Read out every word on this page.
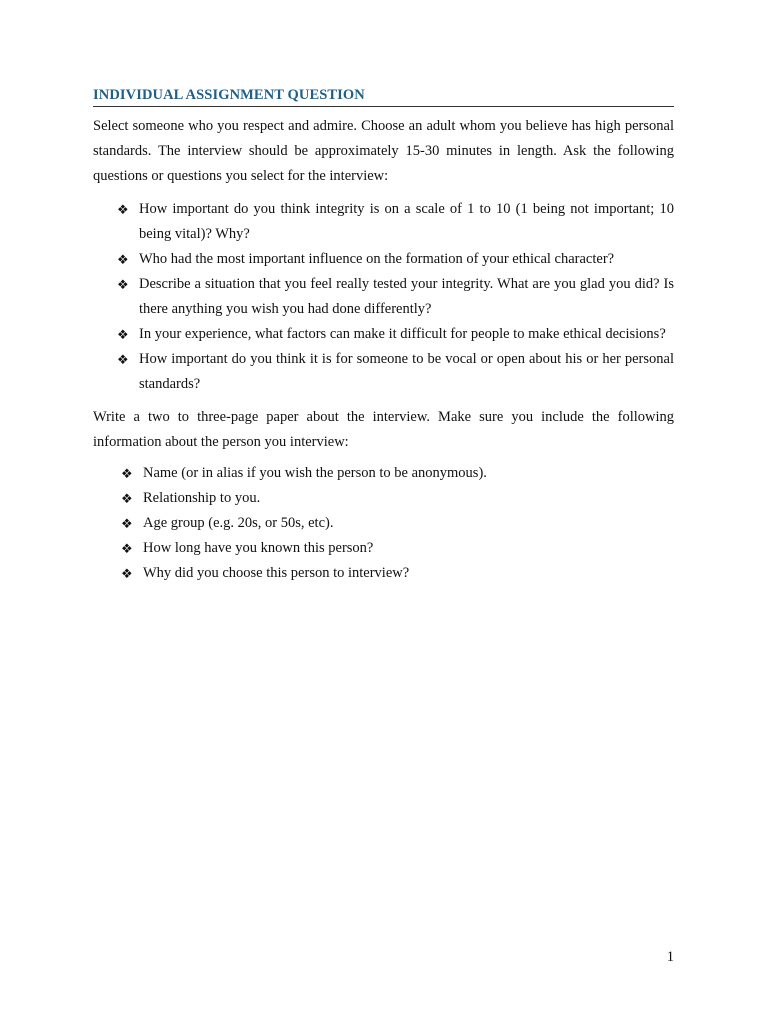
INDIVIDUAL ASSIGNMENT QUESTION

Select someone who you respect and admire. Choose an adult whom you believe has high personal standards. The interview should be approximately 15-30 minutes in length. Ask the following questions or questions you select for the interview:

❖ How important do you think integrity is on a scale of 1 to 10 (1 being not important; 10 being vital)? Why?
❖ Who had the most important influence on the formation of your ethical character?
❖ Describe a situation that you feel really tested your integrity. What are you glad you did? Is there anything you wish you had done differently?
❖ In your experience, what factors can make it difficult for people to make ethical decisions?
❖ How important do you think it is for someone to be vocal or open about his or her personal standards?

Write a two to three-page paper about the interview. Make sure you include the following information about the person you interview:

❖ Name (or in alias if you wish the person to be anonymous).
❖ Relationship to you.
❖ Age group (e.g. 20s, or 50s, etc).
❖ How long have you known this person?
❖ Why did you choose this person to interview?
1
